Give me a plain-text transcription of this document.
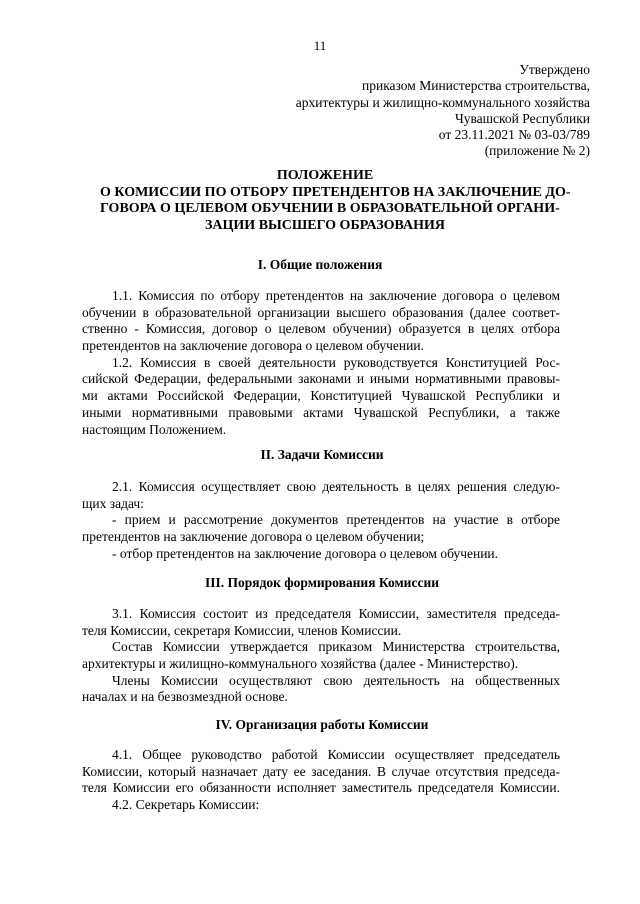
11
Утверждено
приказом Министерства строительства,
архитектуры и жилищно-коммунального хозяйства
Чувашской Республики
от 23.11.2021 № 03-03/789
(приложение № 2)
ПОЛОЖЕНИЕ
О КОМИССИИ ПО ОТБОРУ ПРЕТЕНДЕНТОВ НА ЗАКЛЮЧЕНИЕ ДО-
ГОВОРА О ЦЕЛЕВОМ ОБУЧЕНИИ В ОБРАЗОВАТЕЛЬНОЙ ОРГАНИ-
ЗАЦИИ ВЫСШЕГО ОБРАЗОВАНИЯ
I. Общие положения
1.1. Комиссия по отбору претендентов на заключение договора о целевом
обучении в образовательной организации высшего образования (далее соответ-
ственно - Комиссия, договор о целевом обучении) образуется в целях отбора
претендентов на заключение договора о целевом обучении.
1.2. Комиссия в своей деятельности руководствуется Конституцией Рос-
сийской Федерации, федеральными законами и иными нормативными правовы-
ми актами Российской Федерации, Конституцией Чувашской Республики и
иными нормативными правовыми актами Чувашской Республики, а также
настоящим Положением.
II. Задачи Комиссии
2.1. Комиссия осуществляет свою деятельность в целях решения следую-
щих задач:
- прием и рассмотрение документов претендентов на участие в отборе
претендентов на заключение договора о целевом обучении;
- отбор претендентов на заключение договора о целевом обучении.
III. Порядок формирования Комиссии
3.1. Комиссия состоит из председателя Комиссии, заместителя председа-
теля Комиссии, секретаря Комиссии, членов Комиссии.
Состав Комиссии утверждается приказом Министерства строительства,
архитектуры и жилищно-коммунального хозяйства (далее - Министерство).
Члены Комиссии осуществляют свою деятельность на общественных
началах и на безвозмездной основе.
IV. Организация работы Комиссии
4.1. Общее руководство работой Комиссии осуществляет председатель
Комиссии, который назначает дату ее заседания. В случае отсутствия председа-
теля Комиссии его обязанности исполняет заместитель председателя Комиссии.
4.2. Секретарь Комиссии:
